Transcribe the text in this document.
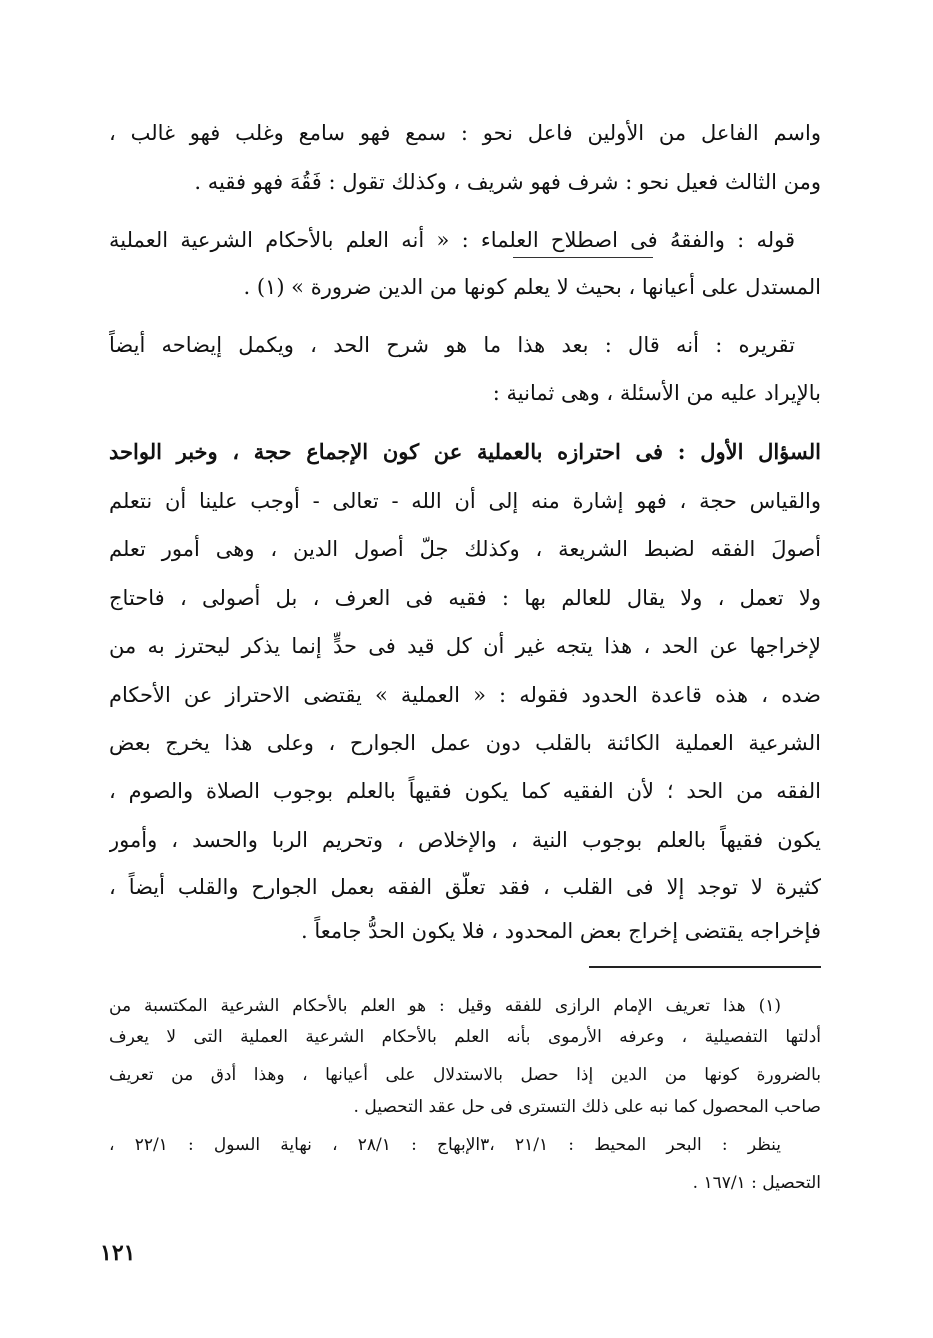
واسم الفاعل من الأولين فاعل نحو : سمع فهو سامع وغلب فهو غالب ،
ومن الثالث فعيل نحو : شرف فهو شريف ، وكذلك تقول : فَقُهَ فهو فقيه .
قوله : والفقهُ فى اصطلاح العلماء : « أنه العلم بالأحكام الشرعية العملية
المستدل على أعيانها ، بحيث لا يعلم كونها من الدين ضرورة » (١) .
تقريره : أنه قال : بعد هذا ما هو شرح الحد ، ويكمل إيضاحه أيضاً
بالإيراد عليه من الأسئلة ، وهى ثمانية :
السؤال الأول : فى احترازه بالعملية عن كون الإجماع حجة ، وخبر الواحد
والقياس حجة ، فهو إشارة منه إلى أن الله - تعالى - أوجب علينا أن نتعلم
أصولَ الفقه لضبط الشريعة ، وكذلك جلّ أصول الدين ، وهى أمور تعلم
ولا تعمل ، ولا يقال للعالم بها : فقيه فى العرف ، بل أصولى ، فاحتاج
لإخراجها عن الحد ، هذا يتجه غير أن كل قيد فى حدٍّ إنما يذكر ليحترز به من
ضده ، هذه قاعدة الحدود فقوله : « العملية » يقتضى الاحتراز عن الأحكام
الشرعية العملية الكائنة بالقلب دون عمل الجوارح ، وعلى هذا يخرج بعض
الفقه من الحد ؛ لأن الفقيه كما يكون فقيهاً بالعلم بوجوب الصلاة والصوم ،
يكون فقيهاً بالعلم بوجوب النية ، والإخلاص ، وتحريم الربا والحسد ، وأمور
كثيرة لا توجد إلا فى القلب ، فقد تعلّق الفقه بعمل الجوارح والقلب أيضاً ،
فإخراجه يقتضى إخراج بعض المحدود ، فلا يكون الحدُّ جامعاً .
(١) هذا تعريف الإمام الرازى للفقه وقيل : هو العلم بالأحكام الشرعية المكتسبة من
أدلتها التفصيلية ، وعرفه الأرموى بأنه العلم بالأحكام الشرعية العملية التى لا يعرف
بالضرورة كونها من الدين إذا حصل بالاستدلال على أعيانها ، وهذا أدق من تعريف
صاحب المحصول كما نبه على ذلك التسترى فى حل عقد التحصيل .
ينظر : البحر المحيط : ٢١/١ ،٣الإبهاج : ٢٨/١ ، نهاية السول : ٢٢/١ ،
التحصيل : ١٦٧/١ .
١٢١
